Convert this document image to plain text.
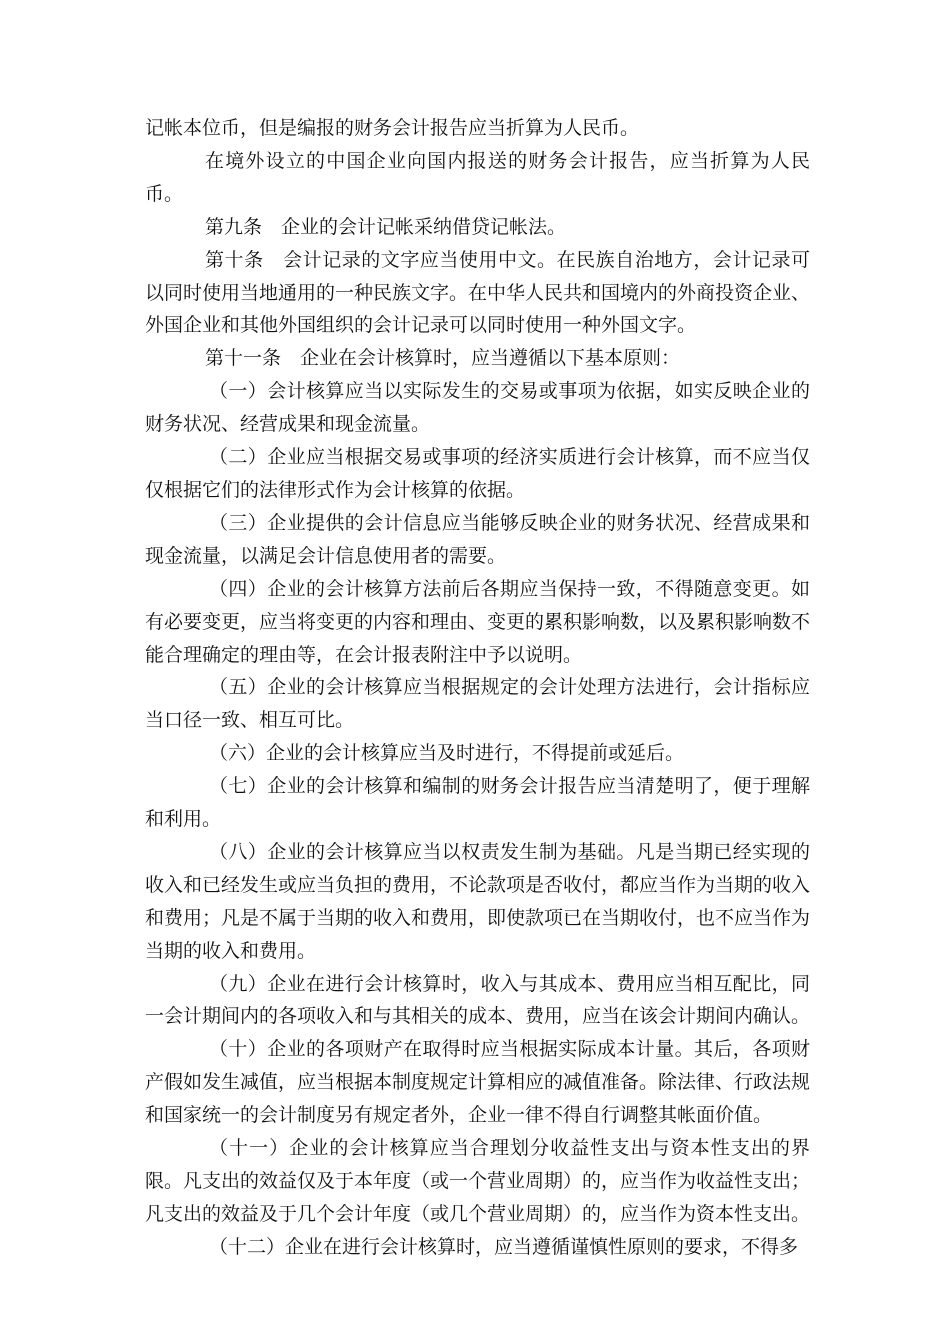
记帐本位币，但是编报的财务会计报告应当折算为人民币。

在境外设立的中国企业向国内报送的财务会计报告，应当折算为人民币。

第九条　企业的会计记帐采纳借贷记帐法。

第十条　会计记录的文字应当使用中文。在民族自治地方，会计记录可以同时使用当地通用的一种民族文字。在中华人民共和国境内的外商投资企业、外国企业和其他外国组织的会计记录可以同时使用一种外国文字。

第十一条　企业在会计核算时，应当遵循以下基本原则：

（一）会计核算应当以实际发生的交易或事项为依据，如实反映企业的财务状况、经营成果和现金流量。

（二）企业应当根据交易或事项的经济实质进行会计核算，而不应当仅仅根据它们的法律形式作为会计核算的依据。

（三）企业提供的会计信息应当能够反映企业的财务状况、经营成果和现金流量，以满足会计信息使用者的需要。

（四）企业的会计核算方法前后各期应当保持一致，不得随意变更。如有必要变更，应当将变更的内容和理由、变更的累积影响数，以及累积影响数不能合理确定的理由等，在会计报表附注中予以说明。

（五）企业的会计核算应当根据规定的会计处理方法进行，会计指标应当口径一致、相互可比。

（六）企业的会计核算应当及时进行，不得提前或延后。

（七）企业的会计核算和编制的财务会计报告应当清楚明了，便于理解和利用。

（八）企业的会计核算应当以权责发生制为基础。凡是当期已经实现的收入和已经发生或应当负担的费用，不论款项是否收付，都应当作为当期的收入和费用；凡是不属于当期的收入和费用，即使款项已在当期收付，也不应当作为当期的收入和费用。

（九）企业在进行会计核算时，收入与其成本、费用应当相互配比，同一会计期间内的各项收入和与其相关的成本、费用，应当在该会计期间内确认。

（十）企业的各项财产在取得时应当根据实际成本计量。其后，各项财产假如发生减值，应当根据本制度规定计算相应的减值准备。除法律、行政法规和国家统一的会计制度另有规定者外，企业一律不得自行调整其帐面价值。

（十一）企业的会计核算应当合理划分收益性支出与资本性支出的界限。凡支出的效益仅及于本年度（或一个营业周期）的，应当作为收益性支出；凡支出的效益及于几个会计年度（或几个营业周期）的，应当作为资本性支出。

（十二）企业在进行会计核算时，应当遵循谨慎性原则的要求，不得多
